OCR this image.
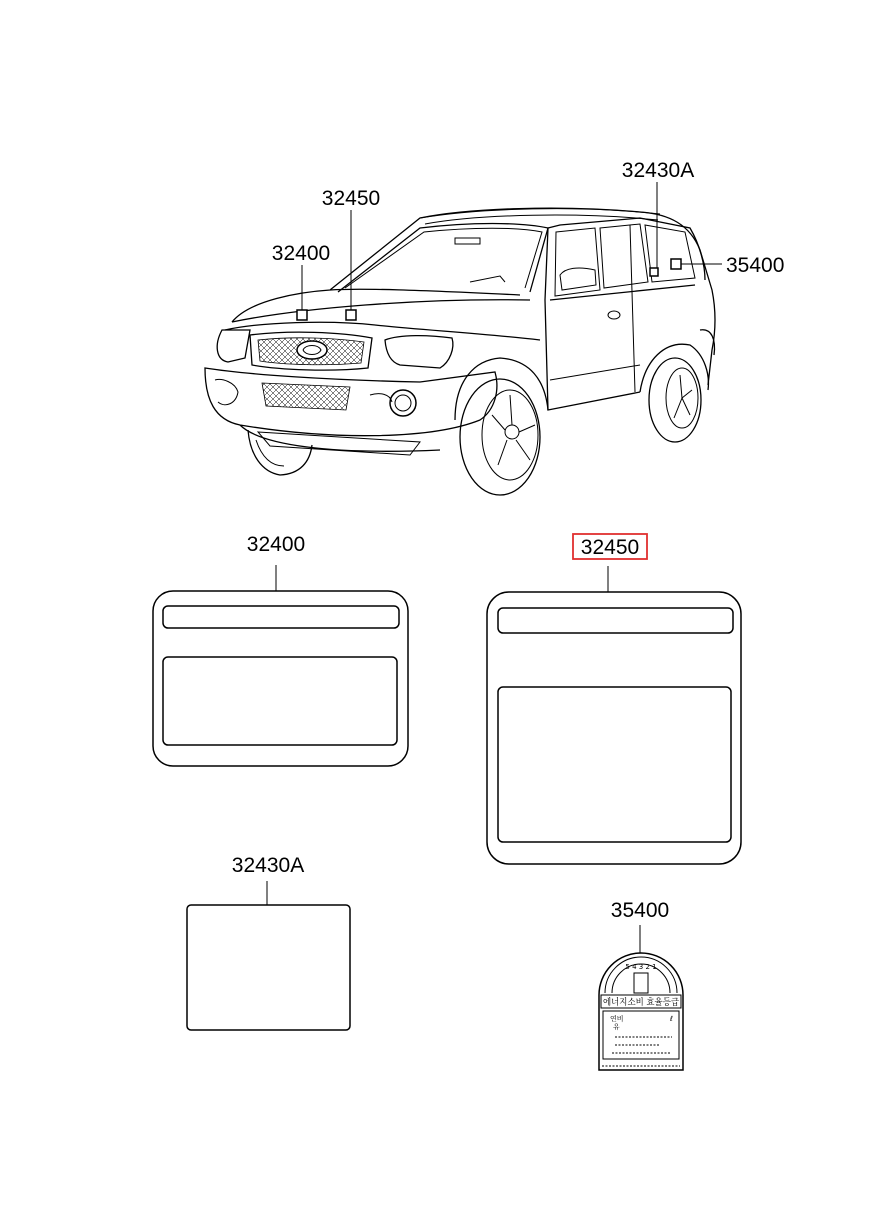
32400
32450
32430A
35400
32400	32450
32430A
35400
5 4 3 2 1
에너지소비 효율등급
연비	ℓ
유
